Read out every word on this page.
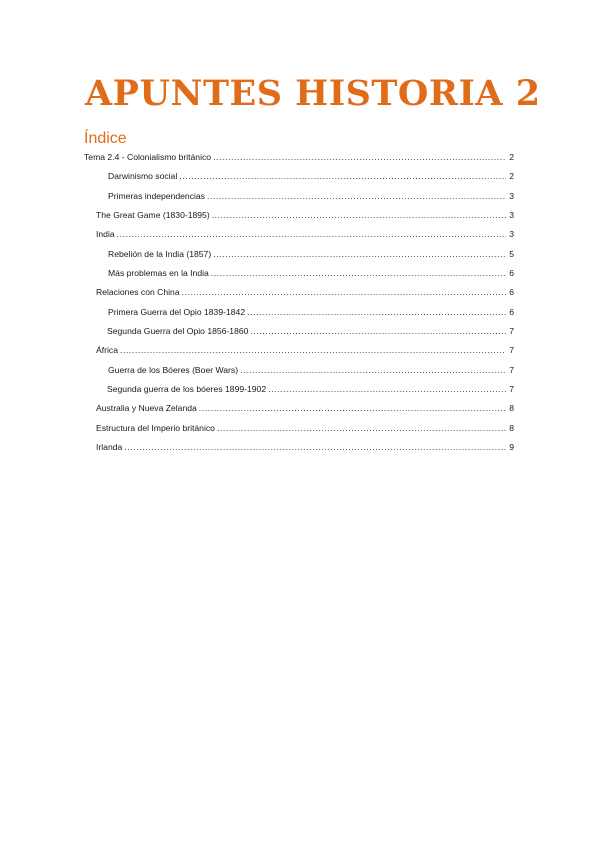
APUNTES HISTORIA 2
Índice
Tema 2.4 - Colonialismo británico .....	2
Darwinismo social .....	2
Primeras independencias .....	3
The Great Game (1830-1895) .....	3
India .....	3
Rebelión de la India (1857) .....	5
Más problemas en la India .....	6
Relaciones con China .....	6
Primera Guerra del Opio 1839-1842 .....	6
Segunda Guerra del Opio 1856-1860 .....	7
África .....	7
Guerra de los Bóeres (Boer Wars) .....	7
Segunda guerra de los bóeres 1899-1902 .....	7
Australia y Nueva Zelanda .....	8
Estructura del Imperio británico .....	8
Irlanda .....	9
